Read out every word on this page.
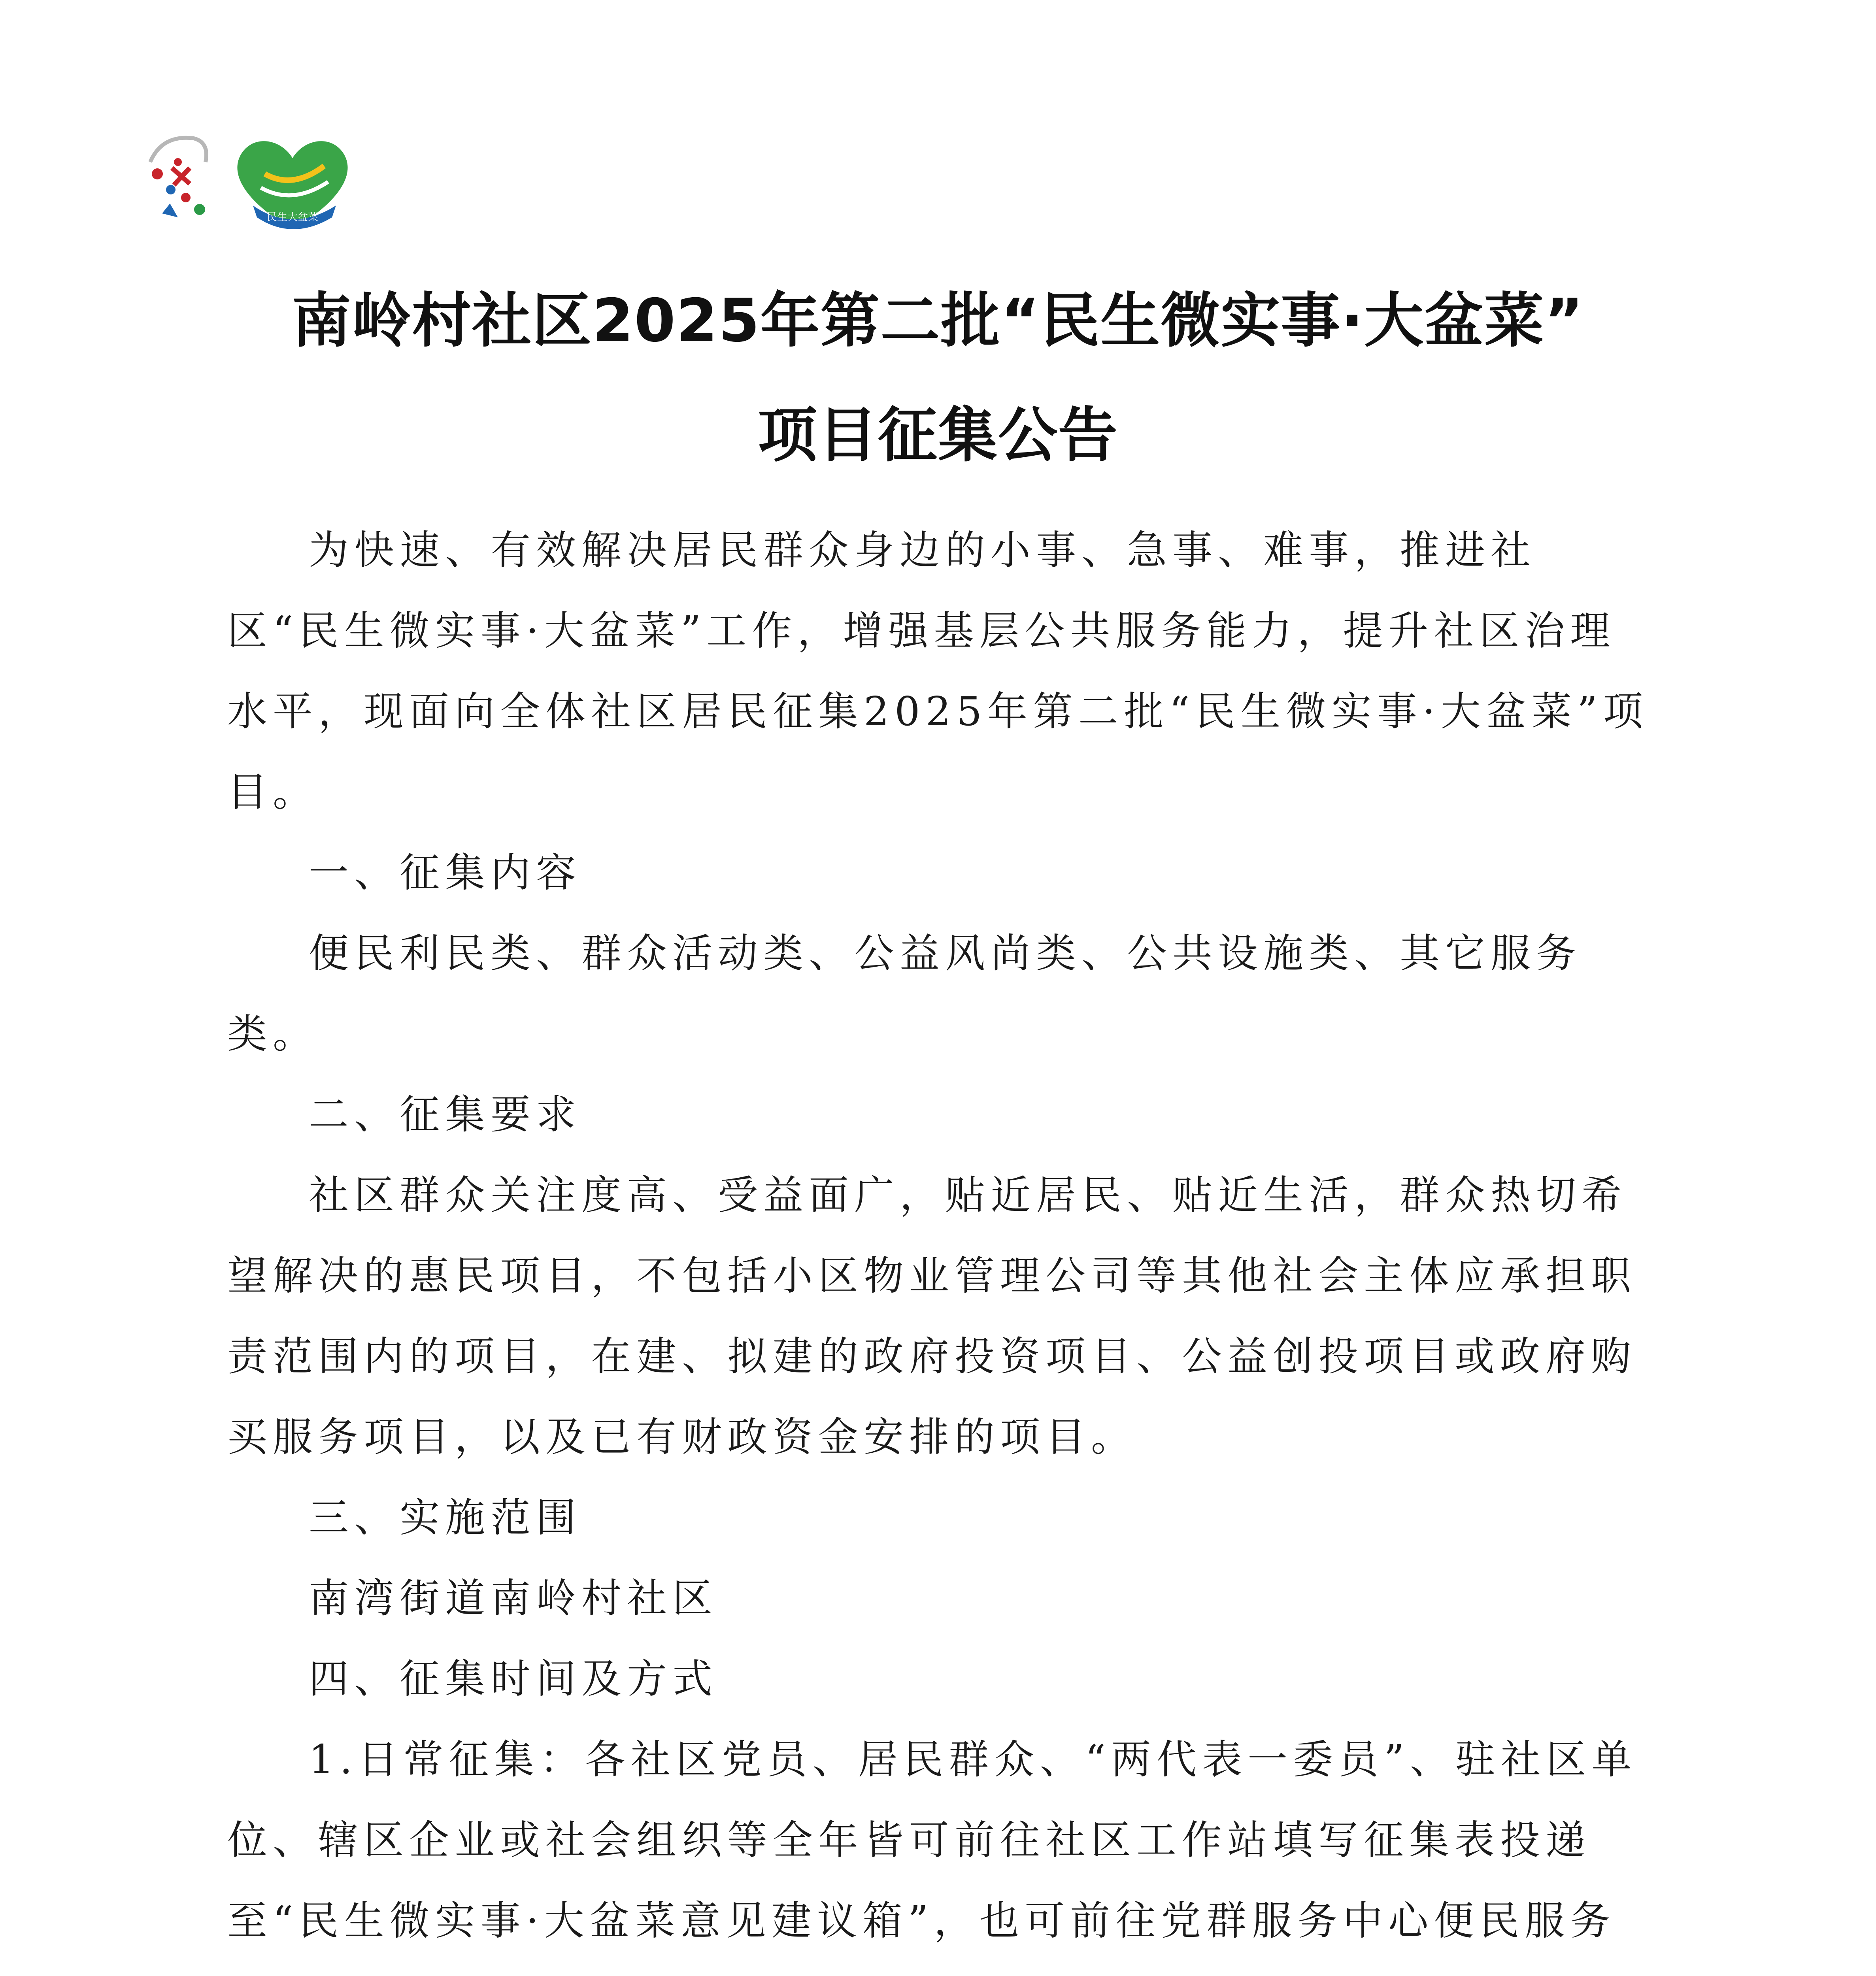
民生大盆菜
南岭村社区2025年第二批“民生微实事·大盆菜”
项目征集公告

为快速、有效解决居民群众身边的小事、急事、难事，推进社区“民生微实事·大盆菜”工作，增强基层公共服务能力，提升社区治理水平，现面向全体社区居民征集2025年第二批“民生微实事·大盆菜”项目。

一、征集内容

便民利民类、群众活动类、公益风尚类、公共设施类、其它服务类。

二、征集要求

社区群众关注度高、受益面广，贴近居民、贴近生活，群众热切希望解决的惠民项目，不包括小区物业管理公司等其他社会主体应承担职责范围内的项目，在建、拟建的政府投资项目、公益创投项目或政府购买服务项目，以及已有财政资金安排的项目。

三、实施范围

南湾街道南岭村社区

四、征集时间及方式

1.日常征集：各社区党员、居民群众、“两代表一委员”、驻社区单位、辖区企业或社会组织等全年皆可前往社区工作站填写征集表投递至“民生微实事·大盆菜意见建议箱”，也可前往党群服务中心便民服务
